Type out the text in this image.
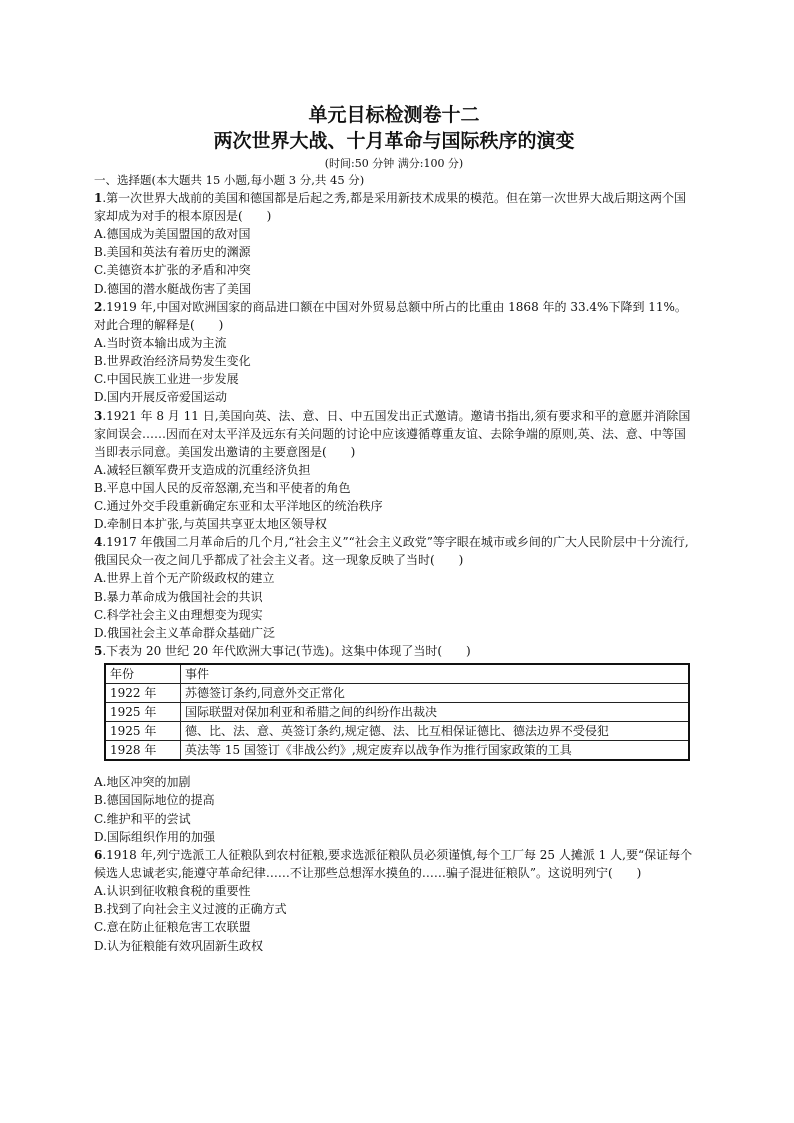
单元目标检测卷十二
两次世界大战、十月革命与国际秩序的演变
(时间:50 分钟 满分:100 分)
一、选择题(本大题共 15 小题,每小题 3 分,共 45 分)

1.第一次世界大战前的美国和德国都是后起之秀,都是采用新技术成果的模范。但在第一次世界大战后期这两个国家却成为对手的根本原因是(　　)

A.德国成为美国盟国的敌对国

B.美国和英法有着历史的渊源

C.美德资本扩张的矛盾和冲突

D.德国的潜水艇战伤害了美国

2.1919 年,中国对欧洲国家的商品进口额在中国对外贸易总额中所占的比重由 1868 年的 33.4%下降到 11%。对此合理的解释是(　　)

A.当时资本输出成为主流

B.世界政治经济局势发生变化

C.中国民族工业进一步发展

D.国内开展反帝爱国运动

3.1921 年 8 月 11 日,美国向英、法、意、日、中五国发出正式邀请。邀请书指出,须有要求和平的意愿并消除国家间误会……因而在对太平洋及远东有关问题的讨论中应该遵循尊重友谊、去除争端的原则,英、法、意、中等国当即表示同意。美国发出邀请的主要意图是(　　)

A.减轻巨额军费开支造成的沉重经济负担

B.平息中国人民的反帝怒潮,充当和平使者的角色

C.通过外交手段重新确定东亚和太平洋地区的统治秩序

D.牵制日本扩张,与英国共享亚太地区领导权

4.1917 年俄国二月革命后的几个月,“社会主义”“社会主义政党”等字眼在城市或乡间的广大人民阶层中十分流行,俄国民众一夜之间几乎都成了社会主义者。这一现象反映了当时(　　)

A.世界上首个无产阶级政权的建立

B.暴力革命成为俄国社会的共识

C.科学社会主义由理想变为现实

D.俄国社会主义革命群众基础广泛

5.下表为 20 世纪 20 年代欧洲大事记(节选)。这集中体现了当时(　　)

年份	事件
1922 年	苏德签订条约,同意外交正常化
1925 年	国际联盟对保加利亚和希腊之间的纠纷作出裁决
1925 年	德、比、法、意、英签订条约,规定德、法、比互相保证德比、德法边界不受侵犯
1928 年	英法等 15 国签订《非战公约》,规定废弃以战争作为推行国家政策的工具

A.地区冲突的加剧

B.德国国际地位的提高

C.维护和平的尝试

D.国际组织作用的加强

6.1918 年,列宁选派工人征粮队到农村征粮,要求选派征粮队员必须谨慎,每个工厂每 25 人摊派 1 人,要“保证每个候选人忠诚老实,能遵守革命纪律……不让那些总想浑水摸鱼的……骗子混进征粮队”。这说明列宁(　　)

A.认识到征收粮食税的重要性

B.找到了向社会主义过渡的正确方式

C.意在防止征粮危害工农联盟

D.认为征粮能有效巩固新生政权
